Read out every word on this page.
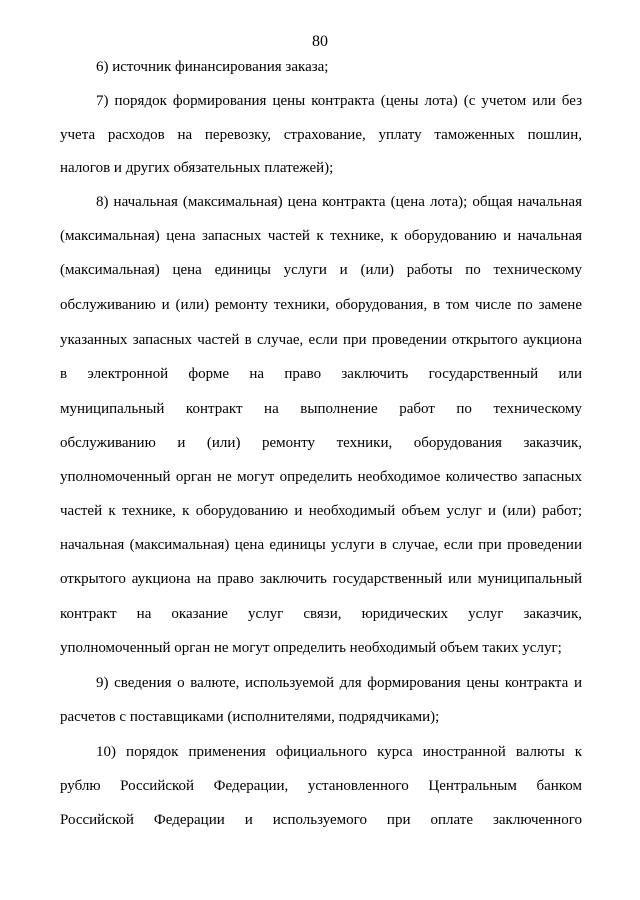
80
6) источник финансирования заказа;
7) порядок формирования цены контракта (цены лота) (с учетом или без
учета расходов на перевозку, страхование, уплату таможенных пошлин,
налогов и других обязательных платежей);
8) начальная (максимальная) цена контракта (цена лота); общая начальная
(максимальная) цена запасных частей к технике, к оборудованию и начальная
(максимальная) цена единицы услуги и (или) работы по техническому
обслуживанию и (или) ремонту техники, оборудования, в том числе по замене
указанных запасных частей в случае, если при проведении открытого аукциона
в электронной форме на право заключить государственный или
муниципальный контракт на выполнение работ по техническому
обслуживанию и (или) ремонту техники, оборудования заказчик,
уполномоченный орган не могут определить необходимое количество запасных
частей к технике, к оборудованию и необходимый объем услуг и (или) работ;
начальная (максимальная) цена единицы услуги в случае, если при проведении
открытого аукциона на право заключить государственный или муниципальный
контракт на оказание услуг связи, юридических услуг заказчик,
уполномоченный орган не могут определить необходимый объем таких услуг;
9) сведения о валюте, используемой для формирования цены контракта и
расчетов с поставщиками (исполнителями, подрядчиками);
10) порядок применения официального курса иностранной валюты к
рублю Российской Федерации, установленного Центральным банком
Российской Федерации и используемого при оплате заключенного
